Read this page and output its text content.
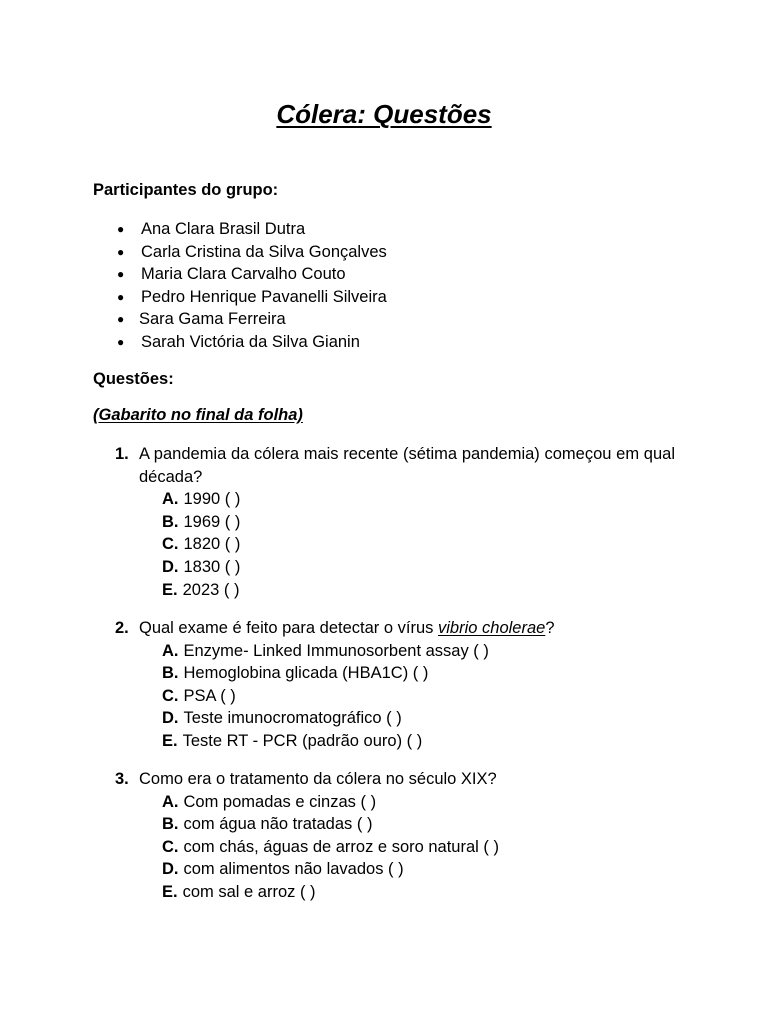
Cólera: Questões
Participantes do grupo:
● Ana Clara Brasil Dutra
● Carla Cristina da Silva Gonçalves
● Maria Clara Carvalho Couto
● Pedro Henrique Pavanelli Silveira
● Sara Gama Ferreira
● Sarah Victória da Silva Gianin
Questões:
(Gabarito no final da folha)
1. A pandemia da cólera mais recente (sétima pandemia) começou em qual década?
A. 1990 ( )
B. 1969 ( )
C. 1820 ( )
D. 1830 ( )
E. 2023 ( )
2. Qual exame é feito para detectar o vírus vibrio cholerae?
A. Enzyme- Linked Immunosorbent assay ( )
B. Hemoglobina glicada (HBA1C) ( )
C. PSA ( )
D. Teste imunocromatográfico ( )
E. Teste RT - PCR (padrão ouro) ( )
3. Como era o tratamento da cólera no século XIX?
A. Com pomadas e cinzas ( )
B. com água não tratadas ( )
C. com chás, águas de arroz e soro natural ( )
D. com alimentos não lavados ( )
E. com sal e arroz ( )
